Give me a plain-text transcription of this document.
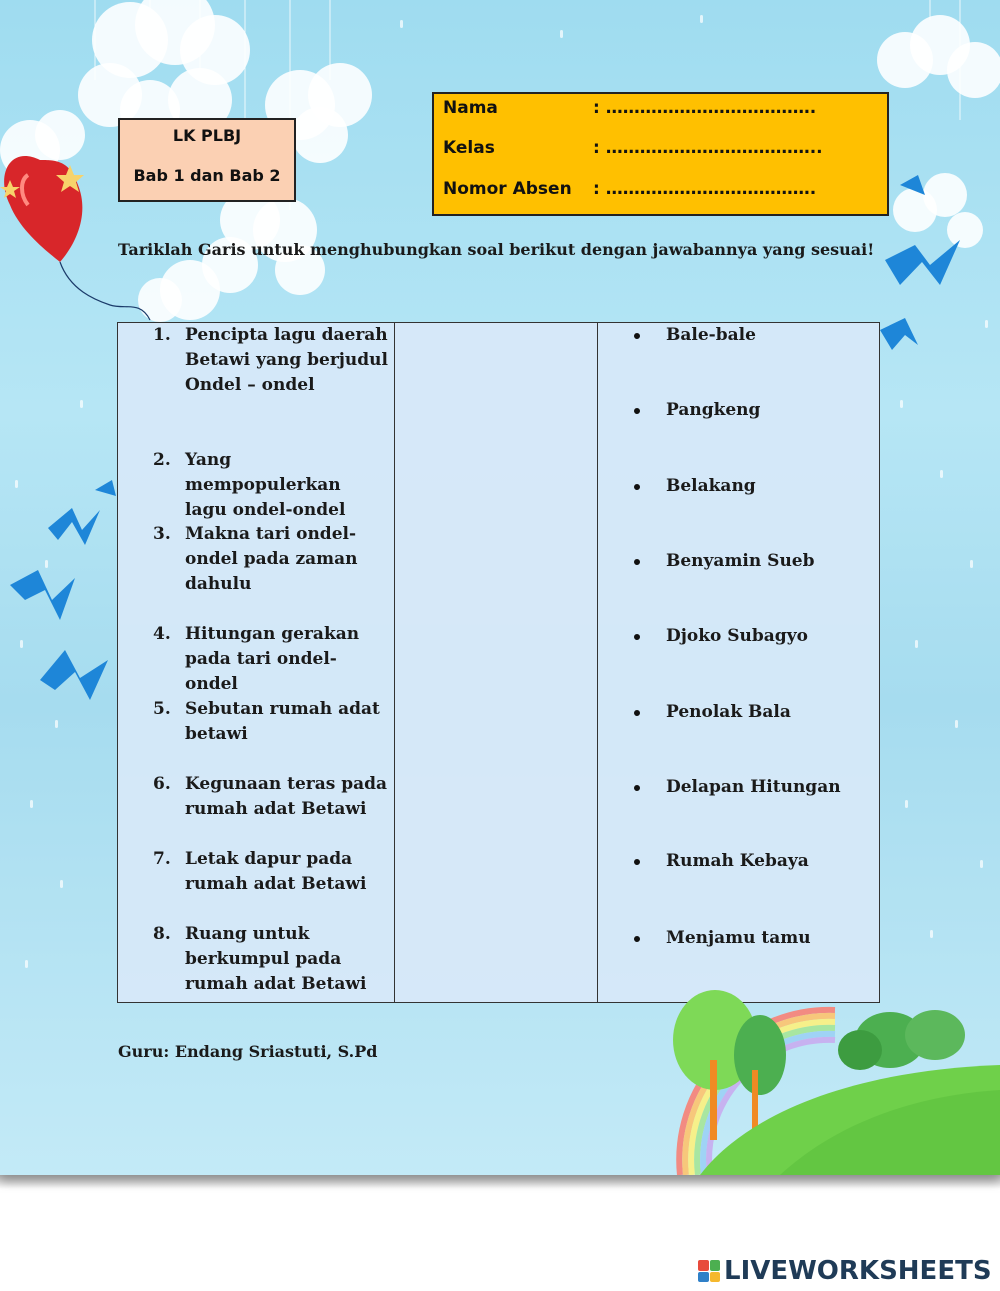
LK PLBJ
Bab 1 dan Bab 2
Nama	: ……………………………….
Kelas	: ………………………………..
Nomor Absen	: ……………………………….
Tariklah Garis untuk menghubungkan soal berikut dengan jawabannya yang sesuai!
1. Pencipta lagu daerah Betawi yang berjudul Ondel – ondel
2. Yang mempopulerkan lagu ondel-ondel
3. Makna tari ondel-ondel pada zaman dahulu
4. Hitungan gerakan pada tari ondel-ondel
5. Sebutan rumah adat betawi
6. Kegunaan teras pada rumah adat Betawi
7. Letak dapur pada rumah adat Betawi
8. Ruang untuk berkumpul pada rumah adat Betawi
Bale-bale
Pangkeng
Belakang
Benyamin Sueb
Djoko Subagyo
Penolak Bala
Delapan Hitungan
Rumah Kebaya
Menjamu tamu
Guru: Endang Sriastuti, S.Pd
LIVEWORKSHEETS
